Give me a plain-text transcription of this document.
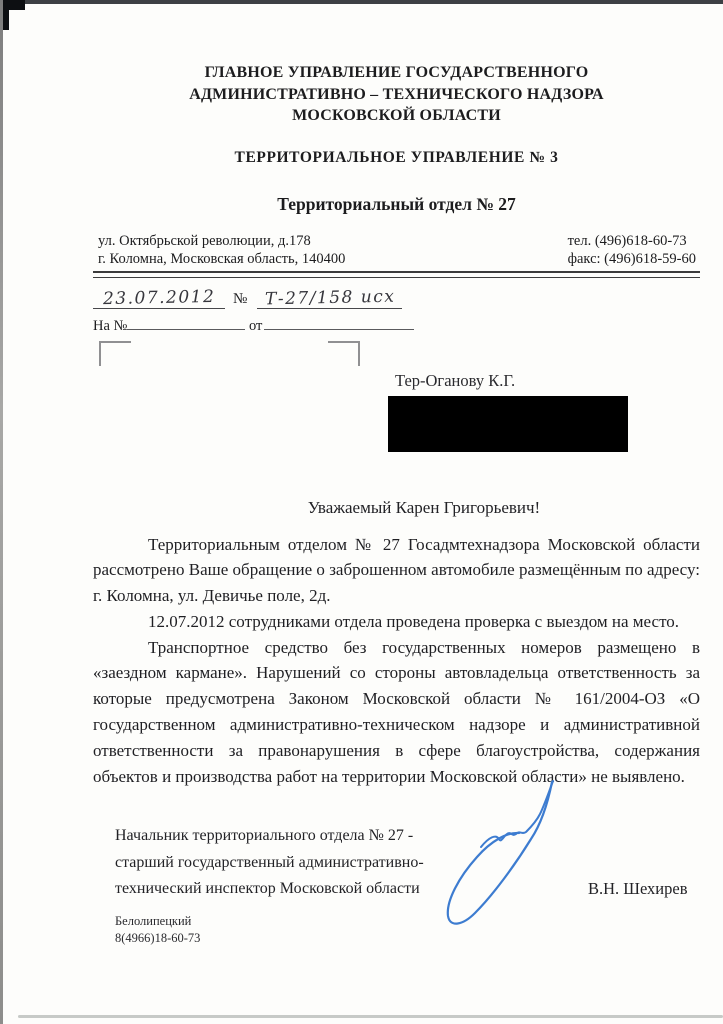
ГЛАВНОЕ УПРАВЛЕНИЕ ГОСУДАРСТВЕННОГО
АДМИНИСТРАТИВНО – ТЕХНИЧЕСКОГО НАДЗОРА
МОСКОВСКОЙ ОБЛАСТИ
ТЕРРИТОРИАЛЬНОЕ УПРАВЛЕНИЕ № 3
Территориальный отдел № 27
ул. Октябрьской революции, д.178
г. Коломна, Московская область, 140400
тел. (496)618-60-73
факс: (496)618-59-60
23.07.2012 № Т-27/158 исх
На №	от
Тер-Оганову К.Г.
Уважаемый Карен Григорьевич!

Территориальным отделом № 27 Госадмтехнадзора Московской области рассмотрено Ваше обращение о заброшенном автомобиле размещённым по адресу: г. Коломна, ул. Девичье поле, 2д.

12.07.2012 сотрудниками отдела проведена проверка с выездом на место.

Транспортное средство без государственных номеров размещено в «заездном кармане». Нарушений со стороны автовладельца ответственность за которые предусмотрена Законом Московской области № 161/2004-ОЗ «О государственном административно-техническом надзоре и административной ответственности за правонарушения в сфере благоустройства, содержания объектов и производства работ на территории Московской области» не выявлено.

Начальник территориального отдела № 27 -
старший государственный административно-
технический инспектор Московской области	В.Н. Шехирев
Белолипецкий
8(4966)18-60-73
